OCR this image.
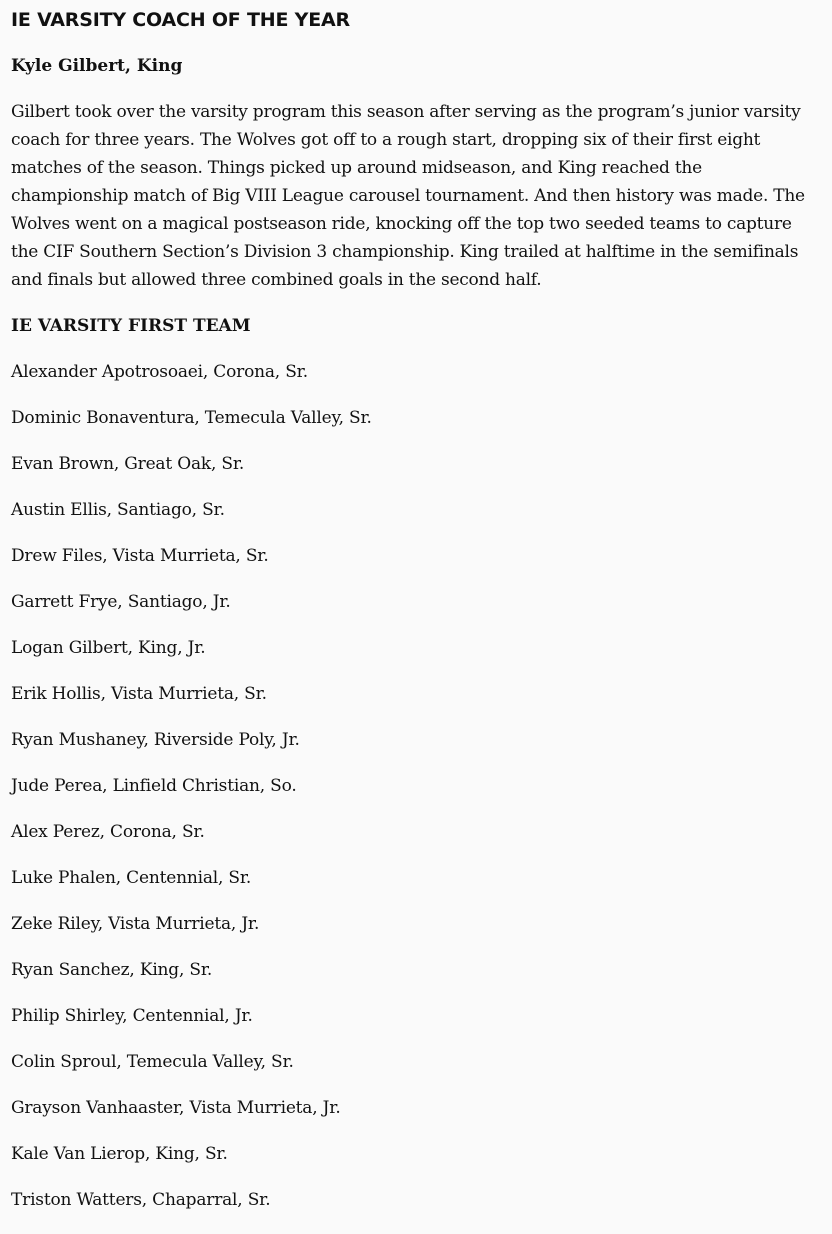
IE VARSITY COACH OF THE YEAR

Kyle Gilbert, King

Gilbert took over the varsity program this season after serving as the program’s junior varsity coach for three years. The Wolves got off to a rough start, dropping six of their first eight matches of the season. Things picked up around midseason, and King reached the championship match of Big VIII League carousel tournament. And then history was made. The Wolves went on a magical postseason ride, knocking off the top two seeded teams to capture the CIF Southern Section’s Division 3 championship. King trailed at halftime in the semifinals and finals but allowed three combined goals in the second half.

IE VARSITY FIRST TEAM

Alexander Apotrosoaei, Corona, Sr.
Dominic Bonaventura, Temecula Valley, Sr.
Evan Brown, Great Oak, Sr.
Austin Ellis, Santiago, Sr.
Drew Files, Vista Murrieta, Sr.
Garrett Frye, Santiago, Jr.
Logan Gilbert, King, Jr.
Erik Hollis, Vista Murrieta, Sr.
Ryan Mushaney, Riverside Poly, Jr.
Jude Perea, Linfield Christian, So.
Alex Perez, Corona, Sr.
Luke Phalen, Centennial, Sr.
Zeke Riley, Vista Murrieta, Jr.
Ryan Sanchez, King, Sr.
Philip Shirley, Centennial, Jr.
Colin Sproul, Temecula Valley, Sr.
Grayson Vanhaaster, Vista Murrieta, Jr.
Kale Van Lierop, King, Sr.
Triston Watters, Chaparral, Sr.
